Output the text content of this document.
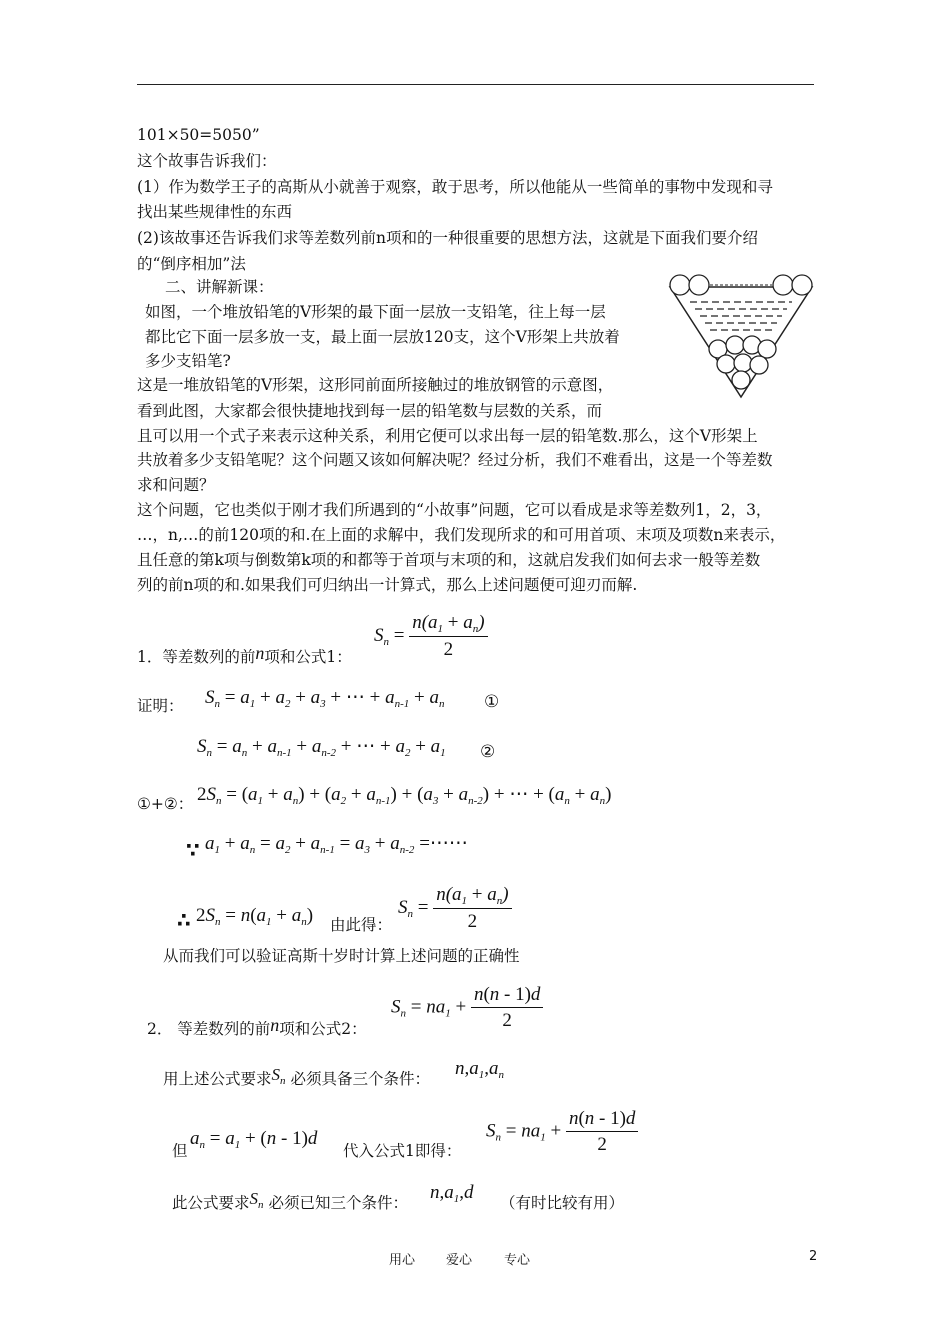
101×50=5050”
这个故事告诉我们：
(1）作为数学王子的高斯从小就善于观察，敢于思考，所以他能从一些简单的事物中发现和寻
找出某些规律性的东西
(2)该故事还告诉我们求等差数列前n项和的一种很重要的思想方法，这就是下面我们要介绍
的“倒序相加”法
二、讲解新课：
如图，一个堆放铅笔的V形架的最下面一层放一支铅笔，往上每一层
都比它下面一层多放一支，最上面一层放120支，这个V形架上共放着
多少支铅笔?
这是一堆放铅笔的V形架，这形同前面所接触过的堆放钢管的示意图，
看到此图，大家都会很快捷地找到每一层的铅笔数与层数的关系，而
且可以用一个式子来表示这种关系，利用它便可以求出每一层的铅笔数.那么，这个V形架上
共放着多少支铅笔呢？这个问题又该如何解决呢？经过分析，我们不难看出，这是一个等差数
求和问题？
这个问题，它也类似于刚才我们所遇到的“小故事”问题，它可以看成是求等差数列1，2，3，
…，n,…的前120项的和.在上面的求解中，我们发现所求的和可用首项、末项及项数n来表示，
且任意的第k项与倒数第k项的和都等于首项与末项的和，这就启发我们如何去求一般等差数
列的前n项的和.如果我们可归纳出一计算式，那么上述问题便可迎刃而解.
1．等差数列的前n项和公式1：
$S_n = \frac{n(a_1 + a_n)}{2}$
证明： $S_n = a_1 + a_2 + a_3$ + ⋯ + $a_{n-1} + a_n$ ①
$S_n = a_n + a_{n-1} + a_{n-2}$ + ⋯ + $a_2 + a_1$ ②
①+②： $2S_n = (a_1 + a_n) + (a_2 + a_{n-1}) + (a_3 + a_{n-2})$ + ⋯ + $(a_n + a_n)$
∵ $a_1 + a_n = a_2 + a_{n-1} = a_3 + a_{n-2}$ =⋯⋯
∴ $2S_n = n(a_1 + a_n)$ 由此得：
$S_n = \frac{n(a_1 + a_n)}{2}$
从而我们可以验证高斯十岁时计算上述问题的正确性
2． 等差数列的前n项和公式2：
$S_n = na_1 + \frac{n(n - 1)d}{2}$
用上述公式要求$S_n$ 必须具备三个条件： $n,a_1,a_n$
但
$a_n = a_1 + (n - 1)d$
代入公式1即得：
$S_n = na_1 + \frac{n(n - 1)d}{2}$
此公式要求$S_n$ 必须已知三个条件： $n,a_1,d$ （有时比较有用）
用心 爱心 专心	2
